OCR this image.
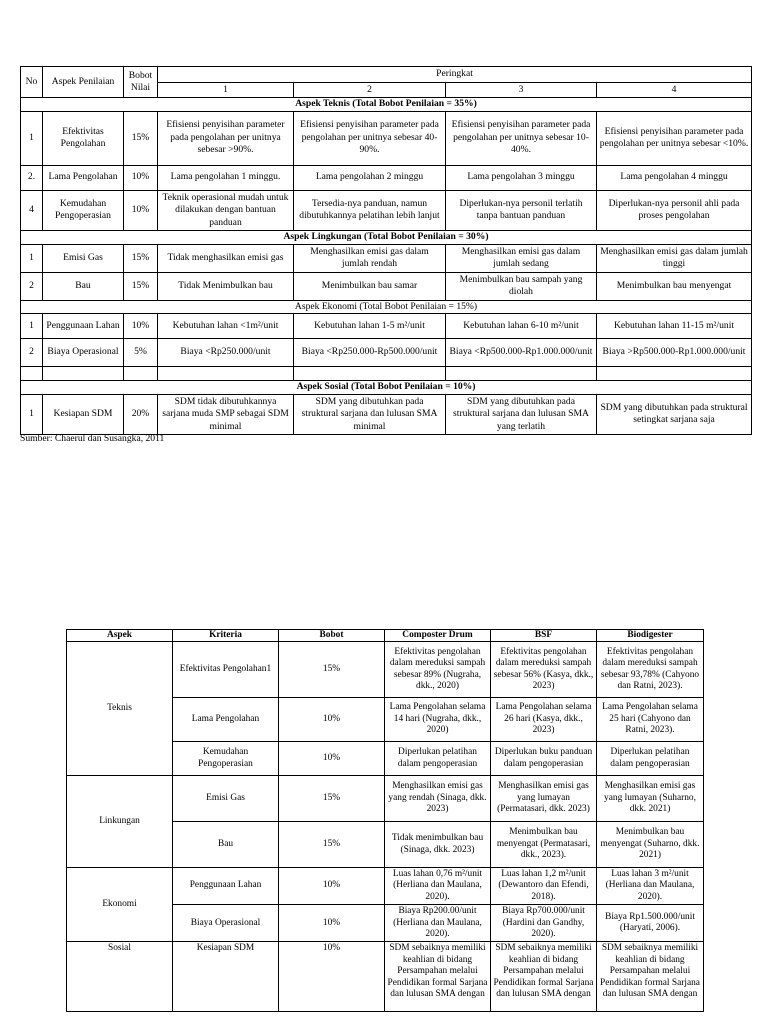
No	Aspek Penilaian	Bobot Nilai	Peringkat			
			1	2	3	4
Aspek Teknis (Total Bobot Penilaian = 35%)						
1	Efektivitas Pengolahan	15%	Efisiensi penyisihan parameter pada pengolahan per unitnya sebesar >90%.	Efisiensi penyisihan parameter pada pengolahan per unitnya sebesar 40-90%.	Efisiensi penyisihan parameter pada pengolahan per unitnya sebesar 10-40%.	Efisiensi penyisihan parameter pada pengolahan per unitnya sebesar <10%.
2.	Lama Pengolahan	10%	Lama pengolahan 1 minggu.	Lama pengolahan 2 minggu	Lama pengolahan 3 minggu	Lama pengolahan 4 minggu
4	Kemudahan Pengoperasian	10%	Teknik operasional mudah untuk dilakukan dengan bantuan panduan	Tersedia-nya panduan, namun dibutuhkannya pelatihan lebih lanjut	Diperlukan-nya personil terlatih tanpa bantuan panduan	Diperlukan-nya personil ahli pada proses pengolahan
Aspek Lingkungan (Total Bobot Penilaian = 30%)						
1	Emisi Gas	15%	Tidak menghasilkan emisi gas	Menghasilkan emisi gas dalam jumlah rendah	Menghasilkan emisi gas dalam jumlah sedang	Menghasilkan emisi gas dalam jumlah tinggi
2	Bau	15%	Tidak Menimbulkan bau	Menimbulkan bau samar	Menimbulkan bau sampah yang diolah	Menimbulkan bau menyengat
Aspek Ekonomi (Total Bobot Penilaian = 15%)						
1	Penggunaan Lahan	10%	Kebutuhan lahan <1m²/unit	Kebutuhan lahan 1-5 m²/unit	Kebutuhan lahan 6-10 m²/unit	Kebutuhan lahan 11-15 m²/unit
2	Biaya Operasional	5%	Biaya <Rp250.000/unit	Biaya <Rp250.000-Rp500.000/unit	Biaya <Rp500.000-Rp1.000.000/unit	Biaya >Rp500.000-Rp1.000.000/unit

Aspek Sosial (Total Bobot Penilaian = 10%)						
1	Kesiapan SDM	20%	SDM tidak dibutuhkannya sarjana muda SMP sebagai SDM minimal	SDM yang dibutuhkan pada struktural sarjana dan lulusan SMA minimal	SDM yang dibutuhkan pada struktural sarjana dan lulusan SMA yang terlatih	SDM yang dibutuhkan pada struktural setingkat sarjana saja
Sumber: Chaerul dan Susangka, 2011
Aspek	Kriteria	Bobot	Composter Drum	BSF	Biodigester
Teknis	Efektivitas Pengolahan1	15%	Efektivitas pengolahan dalam mereduksi sampah sebesar 89% (Nugraha, dkk., 2020)	Efektivitas pengolahan dalam mereduksi sampah sebesar 56% (Kasya, dkk., 2023)	Efektivitas pengolahan dalam mereduksi sampah sebesar 93,78% (Cahyono dan Ratni, 2023).
	Lama Pengolahan	10%	Lama Pengolahan selama 14 hari (Nugraha, dkk., 2020)	Lama Pengolahan selama 26 hari (Kasya, dkk., 2023)	Lama Pengolahan selama 25 hari (Cahyono dan Ratni, 2023).
	Kemudahan Pengoperasian	10%	Diperlukan pelatihan dalam pengoperasian	Diperlukan buku panduan dalam pengoperasian	Diperlukan pelatihan dalam pengoperasian
Linkungan	Emisi Gas	15%	Menghasilkan emisi gas yang rendah (Sinaga, dkk. 2023)	Menghasilkan emisi gas yang lumayan (Permatasari, dkk. 2023)	Menghasilkan emisi gas yang lumayan (Suharno, dkk. 2021)
	Bau	15%	Tidak menimbulkan bau (Sinaga, dkk. 2023)	Menimbulkan bau menyengat (Permatasari, dkk., 2023).	Menimbulkan bau menyengat (Suharno, dkk. 2021)
Ekonomi	Penggunaan Lahan	10%	Luas lahan 0,76 m²/unit (Herliana dan Maulana, 2020).	Luas lahan 1,2 m²/unit (Dewantoro dan Efendi, 2018).	Luas lahan 3 m²/unit (Herliana dan Maulana, 2020).
	Biaya Operasional	10%	Biaya Rp200.00/unit (Herliana dan Maulana, 2020).	Biaya Rp700.000/unit (Hardini dan Gandhy, 2020).	Biaya Rp1.500.000/unit (Haryati, 2006).
Sosial	Kesiapan SDM	10%	SDM sebaiknya memiliki keahlian di bidang Persampahan melalui Pendidikan formal Sarjana dan lulusan SMA dengan	SDM sebaiknya memiliki keahlian di bidang Persampahan melalui Pendidikan formal Sarjana dan lulusan SMA dengan	SDM sebaiknya memiliki keahlian di bidang Persampahan melalui Pendidikan formal Sarjana dan lulusan SMA dengan
